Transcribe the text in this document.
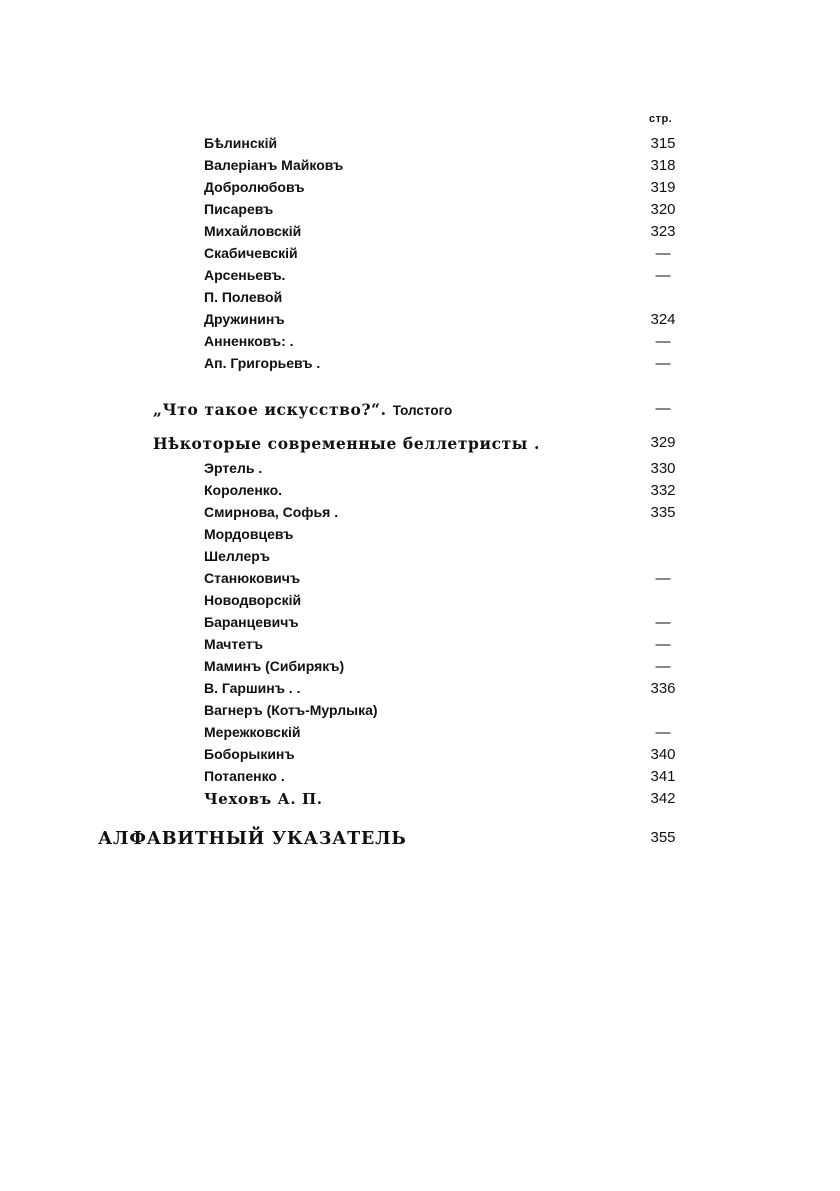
стр.
Бѣлинскій	315
Валеріанъ Майковъ	318
Добролюбовъ	319
Писаревъ	320
Михайловскій	323
Скабичевскій	—
Арсеньевъ.	—
П. Полевой
Дружининъ	324
Анненковъ: .	—
Ап. Григорьевъ .	—
„Что такое искусство?“. Толстого	—
Нѣкоторые современные беллетристы .	329
Эртель .	330
Короленко.	332
Смирнова, Софья .	335
Мордовцевъ
Шеллеръ
Станюковичъ	—
Новодворскій
Баранцевичъ	—
Мачтетъ	—
Маминъ (Сибирякъ)	—
В. Гаршинъ . .	336
Вагнеръ (Котъ-Мурлыка)
Мережковскій	—
Боборыкинъ	340
Потапенко .	341
Чеховъ А. П.	342
АЛФАВИТНЫЙ УКАЗАТЕЛЬ	355
